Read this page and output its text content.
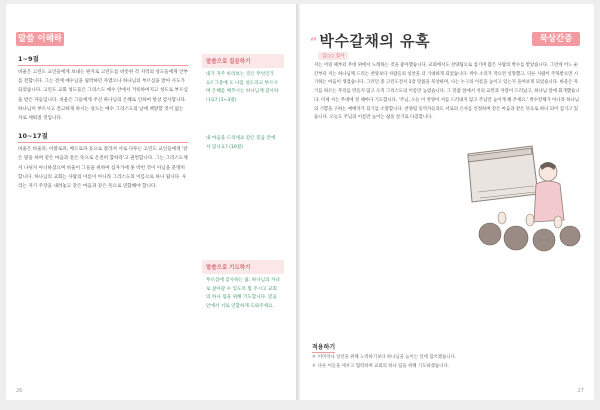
말씀 이해하기
1~9절

바울은 고린도 교인들에게 보내는 편지로 고린도를 비롯한 각 지역의 성도들에게 안부를 전합니다. 그는 전에 예수님을 핍박하던 자였으나 하나님의 부르심을 받아 사도가 되었습니다. 고린도 교회 성도들은 그리스도 예수 안에서 거룩하여지고 성도로 부르심을 받은 자들입니다. 바울은 그들에게 주신 하나님의 은혜로 인하여 항상 감사합니다. 하나님이 부르시고 견고하게 하시는 성도는 예수 그리스도의 날에 책망할 것이 없는 자로 세워질 것입니다.

10~17절

바울은 바울파, 아볼로파, 베드로파 등으로 갈라져 서로 다투는 고린도 교인들에게 '같은 말을 하며 같은 마음과 같은 뜻으로 온전히 합하라'고 권면합니다. 그는 그리스도께서 나뉘지 아니하셨으며 바울이 그들을 위하여 십자가에 못 박힌 것이 아님을 분명히 합니다. 하나님의 교회는 사람의 이름이 아니라 그리스도의 이름으로 하나 됩니다. 우리는 자기 주장을 내려놓고 같은 마음과 같은 뜻으로 연합해야 합니다.

말씀으로 질문하기
내가 자주 바라보는 것은 무엇인가요? 그중에 도 나를 성도라고 부르시며 은혜를 베푸시는 하나님께 감사하나요? (1~3절)
내 마음을 드리세요 같은 믿음 안에 서 있나요? (10절)
말씀으로 기도하기
부르심에 감사하는 삶, 하나님의 자녀로 살아갈 수 있도록 힘 주시고 교회의 하나 됨을 위해 기도합니다. 믿음 안에서 서로 연합하게 도와주세요.
26
묵상간증
“ 박수갈채의 유혹
김○○ 집사
저는 어릴 때부터 무대 위에서 노래하는 것을 좋아했습니다. 교회에서도 찬양팀으로 섬기며 많은 사람의 박수를 받았습니다. 그런데 어느 순간부터 저는 하나님께 드리는 찬양보다 사람들의 칭찬을 더 기대하게 되었습니다. 박수 소리가 작으면 실망했고, 다른 사람이 주목받으면 시기하는 마음이 생겼습니다. 그러던 중 고린도전서 1장 말씀을 묵상하며, 나는 누구의 이름을 높이고 있는지 돌아보게 되었습니다. 바울은 자기를 따르는 무리를 만들지 않고 오직 그리스도의 이름만 높였습니다. 그 말씀 앞에서 저의 교만과 자랑이 드러났고, 하나님 앞에 회개했습니다. 이제 저는 무대에 설 때마다 기도합니다. '주님, 오늘 이 찬양이 저를 드러내지 않고 주님만 높이게 해 주세요.' 박수갈채가 아니라 하나님의 기쁨을 구하는 예배자가 되기를 소망합니다. 찬양팀 동역자들과도 서로의 은사를 인정하며 같은 마음과 같은 뜻으로 하나 되어 섬기고 있습니다. 오늘도 주님의 이름만 높이는 삶을 살기로 다짐합니다.
적용하기
# 이미지나 칭찬을 위해 노력하기보다 하나님을 높이는 일에 힘쓰겠습니다.
# 다른 이들을 세우고 협력하며 교회의 하나 됨을 위해 기도하겠습니다.
27
